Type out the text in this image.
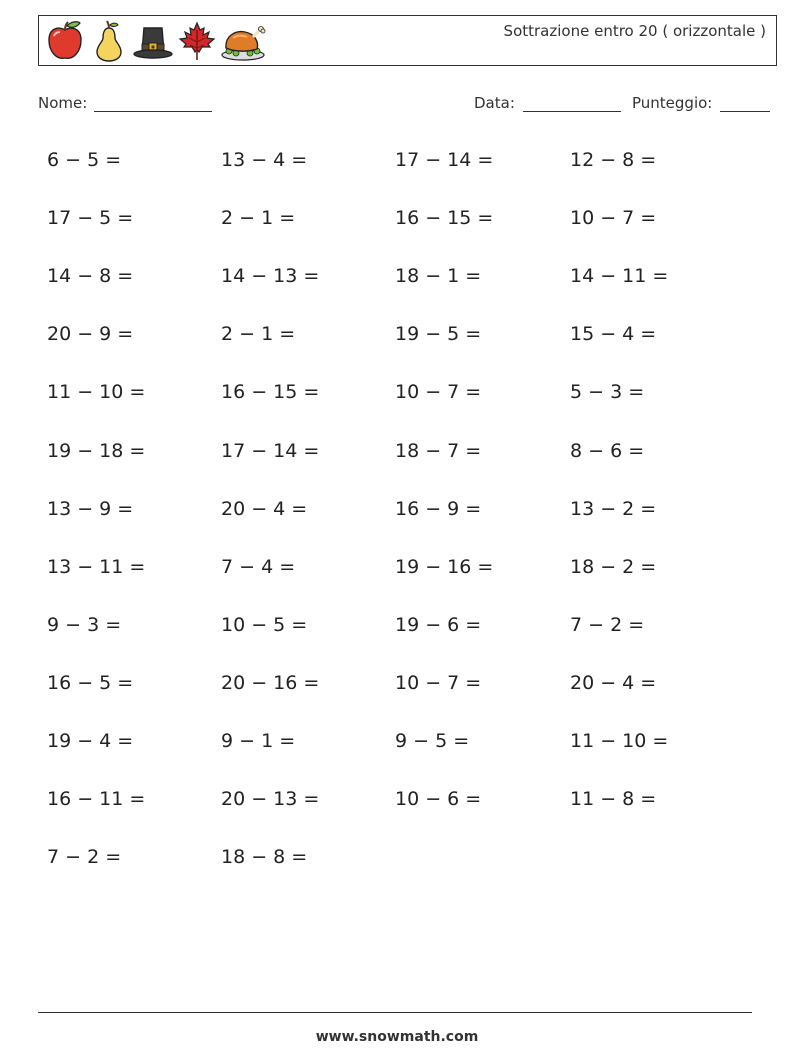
Sottrazione entro 20 ( orizzontale )
Nome:	Data:	Punteggio:
6 − 5 =	13 − 4 =	17 − 14 =	12 − 8 =
17 − 5 =	2 − 1 =	16 − 15 =	10 − 7 =
14 − 8 =	14 − 13 =	18 − 1 =	14 − 11 =
20 − 9 =	2 − 1 =	19 − 5 =	15 − 4 =
11 − 10 =	16 − 15 =	10 − 7 =	5 − 3 =
19 − 18 =	17 − 14 =	18 − 7 =	8 − 6 =
13 − 9 =	20 − 4 =	16 − 9 =	13 − 2 =
13 − 11 =	7 − 4 =	19 − 16 =	18 − 2 =
9 − 3 =	10 − 5 =	19 − 6 =	7 − 2 =
16 − 5 =	20 − 16 =	10 − 7 =	20 − 4 =
19 − 4 =	9 − 1 =	9 − 5 =	11 − 10 =
16 − 11 =	20 − 13 =	10 − 6 =	11 − 8 =
7 − 2 =	18 − 8 =
www.snowmath.com
